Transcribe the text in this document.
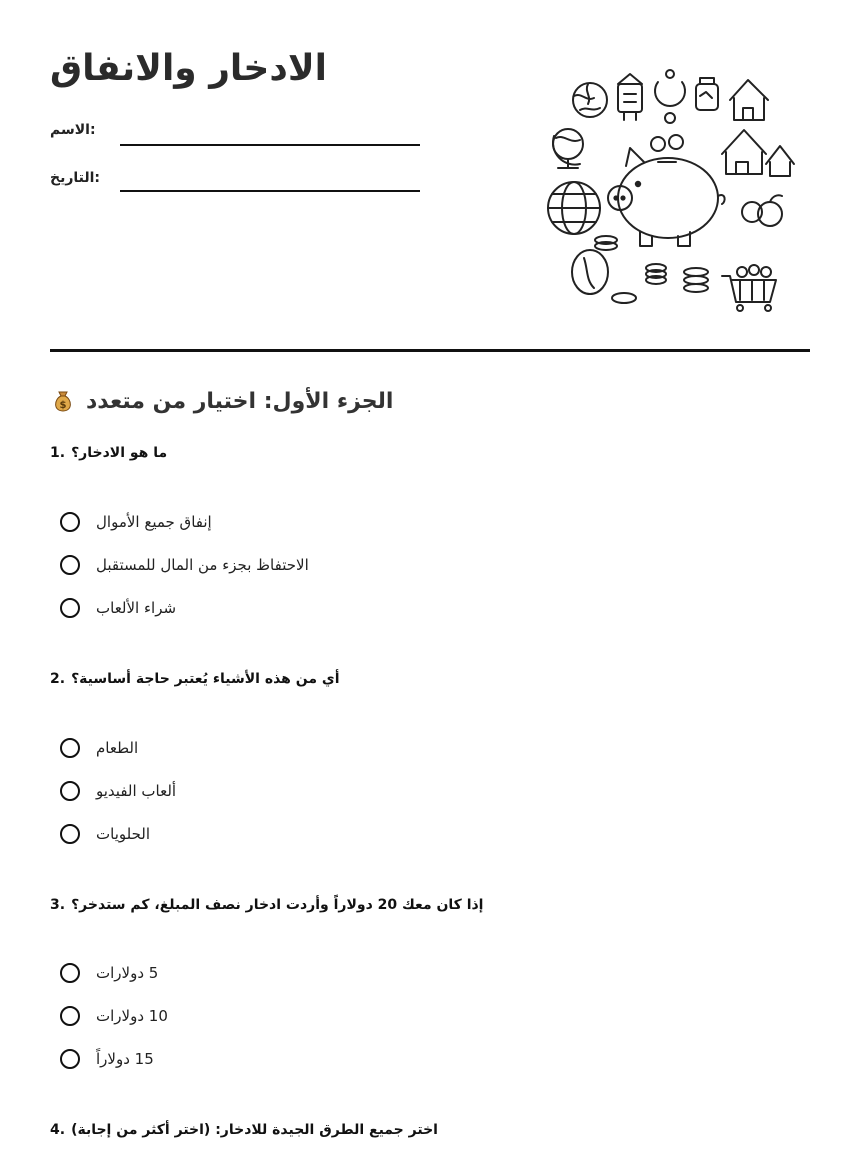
الادخار والانفاق
:الاسم
:التاريخ
$ الجزء الأول: اختيار من متعدد

1. ما هو الادخار؟

إنفاق جميع الأموال
الاحتفاظ بجزء من المال للمستقبل
شراء الألعاب

2. أي من هذه الأشياء يُعتبر حاجة أساسية؟

الطعام
ألعاب الفيديو
الحلويات

3. إذا كان معك 20 دولاراً وأردت ادخار نصف المبلغ، كم ستدخر؟

5 دولارات
10 دولارات
15 دولاراً

4. اختر جميع الطرق الجيدة للادخار: (اختر أكثر من إجابة)
